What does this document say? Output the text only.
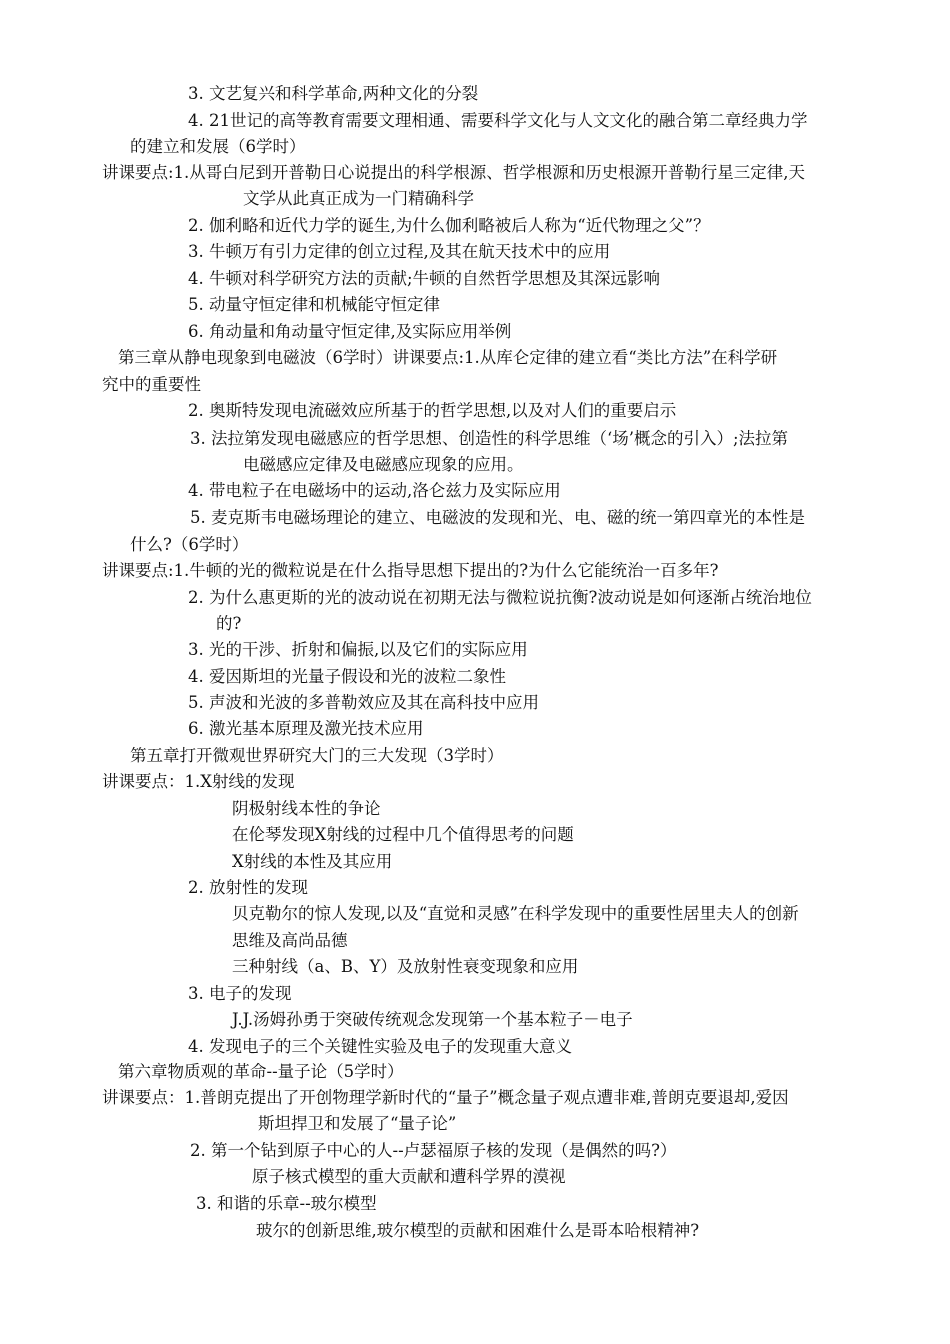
3. 文艺复兴和科学革命,两种文化的分裂
4. 21世记的高等教育需要文理相通、需要科学文化与人文文化的融合第二章经典力学
的建立和发展（6学时）
讲课要点:1.从哥白尼到开普勒日心说提出的科学根源、哲学根源和历史根源开普勒行星三定律,天
文学从此真正成为一门精确科学
2. 伽利略和近代力学的诞生,为什么伽利略被后人称为“近代物理之父”？
3. 牛顿万有引力定律的创立过程,及其在航天技术中的应用
4. 牛顿对科学研究方法的贡献;牛顿的自然哲学思想及其深远影响
5. 动量守恒定律和机械能守恒定律
6. 角动量和角动量守恒定律,及实际应用举例
第三章从静电现象到电磁波（6学时）讲课要点:1.从库仑定律的建立看“类比方法”在科学研
究中的重要性
2. 奥斯特发现电流磁效应所基于的哲学思想,以及对人们的重要启示
3. 法拉第发现电磁感应的哲学思想、创造性的科学思维（‘场’概念的引入）;法拉第
电磁感应定律及电磁感应现象的应用。
4. 带电粒子在电磁场中的运动,洛仑兹力及实际应用
5. 麦克斯韦电磁场理论的建立、电磁波的发现和光、电、磁的统一第四章光的本性是
什么?（6学时）
讲课要点:1.牛顿的光的微粒说是在什么指导思想下提出的?为什么它能统治一百多年?
2. 为什么惠更斯的光的波动说在初期无法与微粒说抗衡?波动说是如何逐渐占统治地位
的?
3. 光的干涉、折射和偏振,以及它们的实际应用
4. 爱因斯坦的光量子假设和光的波粒二象性
5. 声波和光波的多普勒效应及其在高科技中应用
6. 激光基本原理及激光技术应用
第五章打开微观世界研究大门的三大发现（3学时）
讲课要点：1.X射线的发现
阴极射线本性的争论
在伦琴发现X射线的过程中几个值得思考的问题
X射线的本性及其应用
2. 放射性的发现
贝克勒尔的惊人发现,以及“直觉和灵感”在科学发现中的重要性居里夫人的创新
思维及高尚品德
三种射线（a、B、Y）及放射性衰变现象和应用
3. 电子的发现
J.J.汤姆孙勇于突破传统观念发现第一个基本粒子－电子
4. 发现电子的三个关键性实验及电子的发现重大意义
第六章物质观的革命--量子论（5学时）
讲课要点：1.普朗克提出了开创物理学新时代的“量子”概念量子观点遭非难,普朗克要退却,爱因
斯坦捍卫和发展了“量子论”
2. 第一个钻到原子中心的人--卢瑟福原子核的发现（是偶然的吗?）
原子核式模型的重大贡献和遭科学界的漠视
3. 和谐的乐章--玻尔模型
玻尔的创新思维,玻尔模型的贡献和困难什么是哥本哈根精神?
